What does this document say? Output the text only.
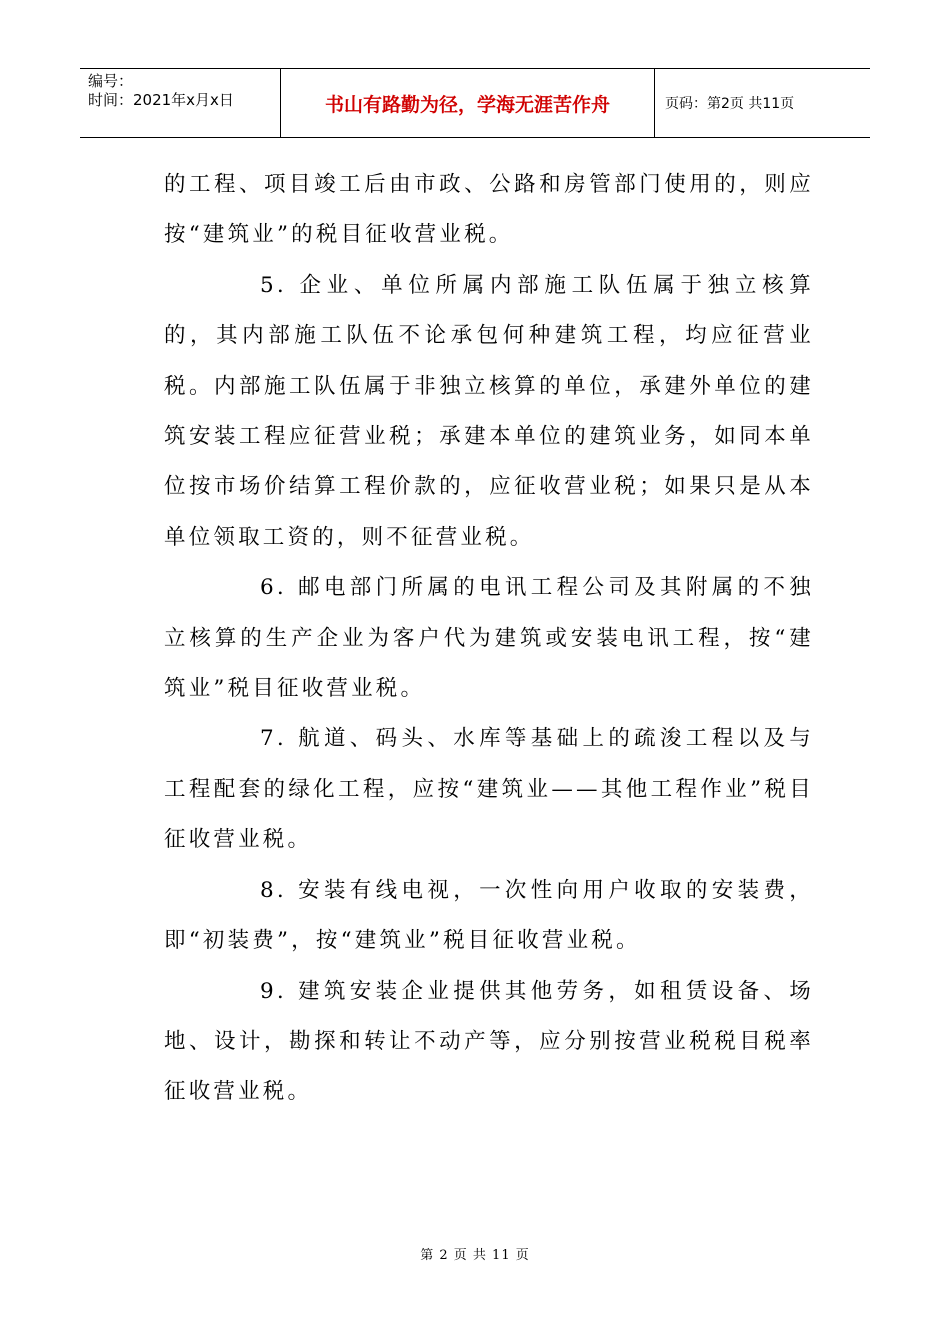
编号：
时间：2021年x月x日	书山有路勤为径，学海无涯苦作舟	页码：第2页 共11页

的工程、项目竣工后由市政、公路和房管部门使用的，则应按“建筑业”的税目征收营业税。

5. 企业、单位所属内部施工队伍属于独立核算的，其内部施工队伍不论承包何种建筑工程，均应征营业税。内部施工队伍属于非独立核算的单位，承建外单位的建筑安装工程应征营业税；承建本单位的建筑业务，如同本单位按市场价结算工程价款的，应征收营业税；如果只是从本单位领取工资的，则不征营业税。

6. 邮电部门所属的电讯工程公司及其附属的不独立核算的生产企业为客户代为建筑或安装电讯工程，按“建筑业”税目征收营业税。

7. 航道、码头、水库等基础上的疏浚工程以及与工程配套的绿化工程，应按“建筑业——其他工程作业”税目征收营业税。

8. 安装有线电视，一次性向用户收取的安装费，即“初装费”，按“建筑业”税目征收营业税。

9. 建筑安装企业提供其他劳务，如租赁设备、场地、设计，勘探和转让不动产等，应分别按营业税税目税率征收营业税。

第 2 页 共 11 页
